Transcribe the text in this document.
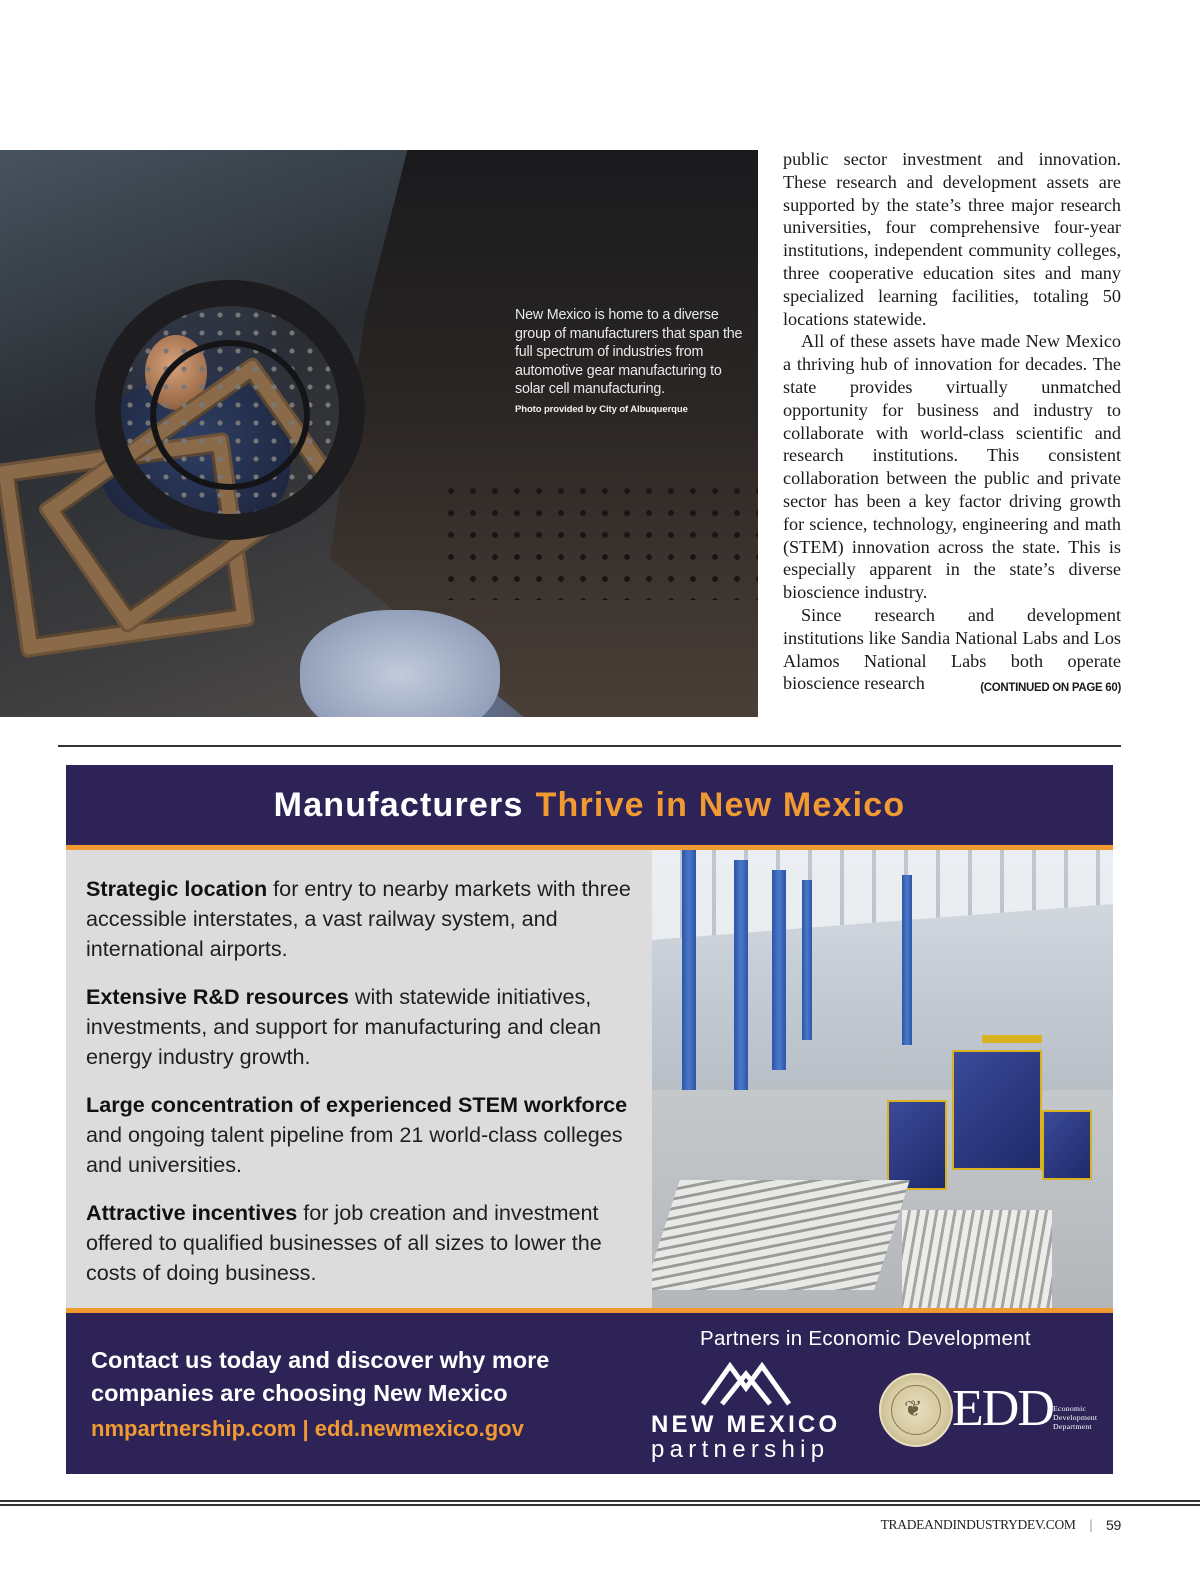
New Mexico is home to a diverse group of manufacturers that span the full spectrum of industries from automotive gear manufacturing to solar cell manufacturing.

Photo provided by City of Albuquerque

public sector investment and innovation. These research and development assets are supported by the state’s three major research universities, four comprehensive four-year institutions, independent community colleges, three cooperative education sites and many specialized learning facilities, totaling 50 locations statewide.

All of these assets have made New Mexico a thriving hub of innovation for decades. The state provides virtually unmatched opportunity for business and industry to collaborate with world-class scientific and research institutions. This consistent collaboration between the public and private sector has been a key factor driving growth for science, technology, engineering and math (STEM) innovation across the state. This is especially apparent in the state’s diverse bioscience industry.

Since research and development institutions like Sandia National Labs and Los Alamos National Labs both operate bioscience research	(CONTINUED ON PAGE 60)

Manufacturers Thrive in New Mexico
Strategic location for entry to nearby markets with three accessible interstates, a vast railway system, and international airports.
Extensive R&D resources with statewide initiatives, investments, and support for manufacturing and clean energy industry growth.
Large concentration of experienced STEM workforce and ongoing talent pipeline from 21 world-class colleges and universities.
Attractive incentives for job creation and investment offered to qualified businesses of all sizes to lower the costs of doing business.

Contact us today and discover why more companies are choosing New Mexico

nmpartnership.com | edd.newmexico.gov

Partners in Economic Development

NEW MEXICO

partnership

❦ EDD Economic
Development
Department
TRADEANDINDUSTRYDEV.COM | 59
